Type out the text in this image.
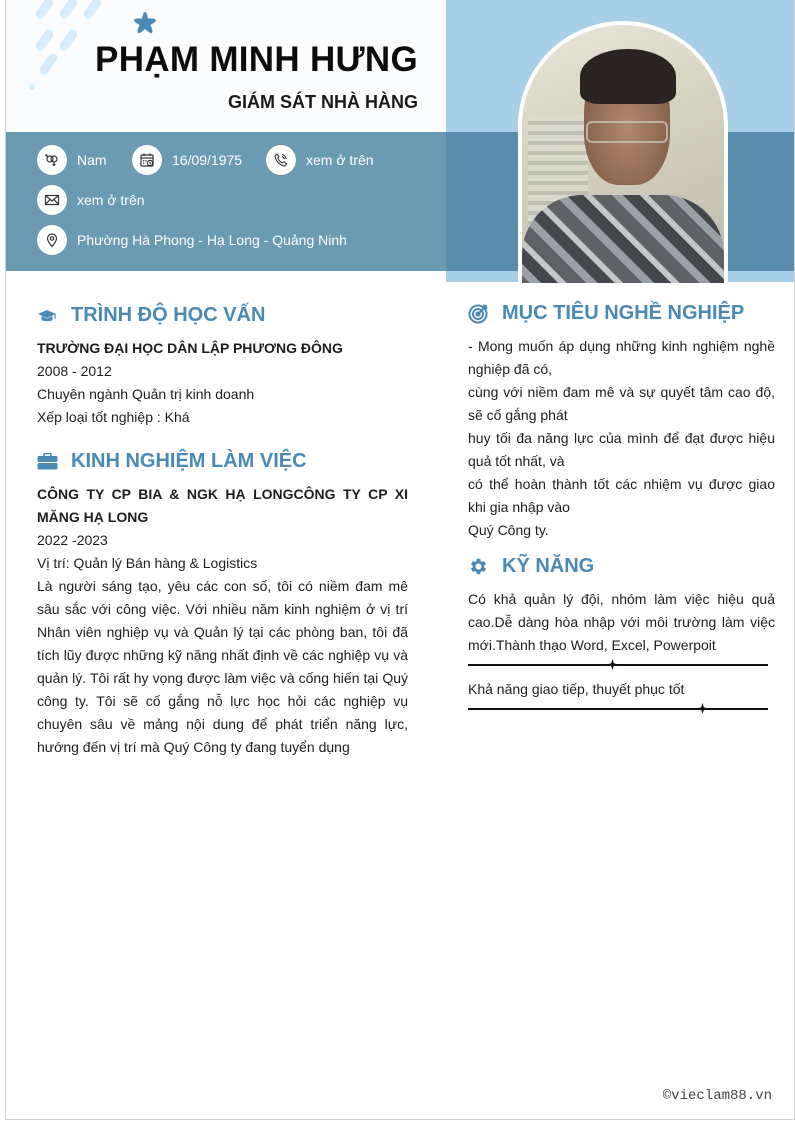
PHẠM MINH HƯNG
GIÁM SÁT NHÀ HÀNG
Nam	16/09/1975	xem ở trên
xem ở trên
Phường Hà Phong - Hạ Long - Quảng Ninh
TRÌNH ĐỘ HỌC VẤN
TRƯỜNG ĐẠI HỌC DÂN LẬP PHƯƠNG ĐÔNG
2008 - 2012
Chuyên ngành Quản trị kinh doanh
Xếp loại tốt nghiệp : Khá
KINH NGHIỆM LÀM VIỆC
CÔNG TY CP BIA & NGK HẠ LONGCÔNG TY CP XI MĂNG HẠ LONG
2022 -2023
Vị trí: Quản lý Bán hàng & Logistics
Là người sáng tạo, yêu các con số, tôi có niềm đam mê sâu sắc với công việc. Với nhiều năm kinh nghiệm ở vị trí Nhân viên nghiệp vụ và Quản lý tại các phòng ban, tôi đã tích lũy được những kỹ năng nhất định về các nghiệp vụ và quản lý. Tôi rất hy vọng được làm việc và cống hiến tại Quý công ty. Tôi sẽ cố gắng nỗ lực học hỏi các nghiệp vụ chuyên sâu về mảng nội dung để phát triển năng lực, hướng đến vị trí mà Quý Công ty đang tuyển dụng
MỤC TIÊU NGHỀ NGHIỆP
- Mong muốn áp dụng những kinh nghiệm nghề nghiệp đã có,
cùng với niềm đam mê và sự quyết tâm cao độ, sẽ cố gắng phát
huy tối đa năng lực của mình để đạt được hiệu quả tốt nhất, và
có thể hoàn thành tốt các nhiệm vụ được giao khi gia nhập vào
Quý Công ty.
KỸ NĂNG
Có khả quản lý đội, nhóm làm việc hiệu quả cao.Dễ dàng hòa nhập với môi trường làm việc mới.Thành thạo Word, Excel, Powerpoit
Khả năng giao tiếp, thuyết phục tốt
©vieclam88.vn
